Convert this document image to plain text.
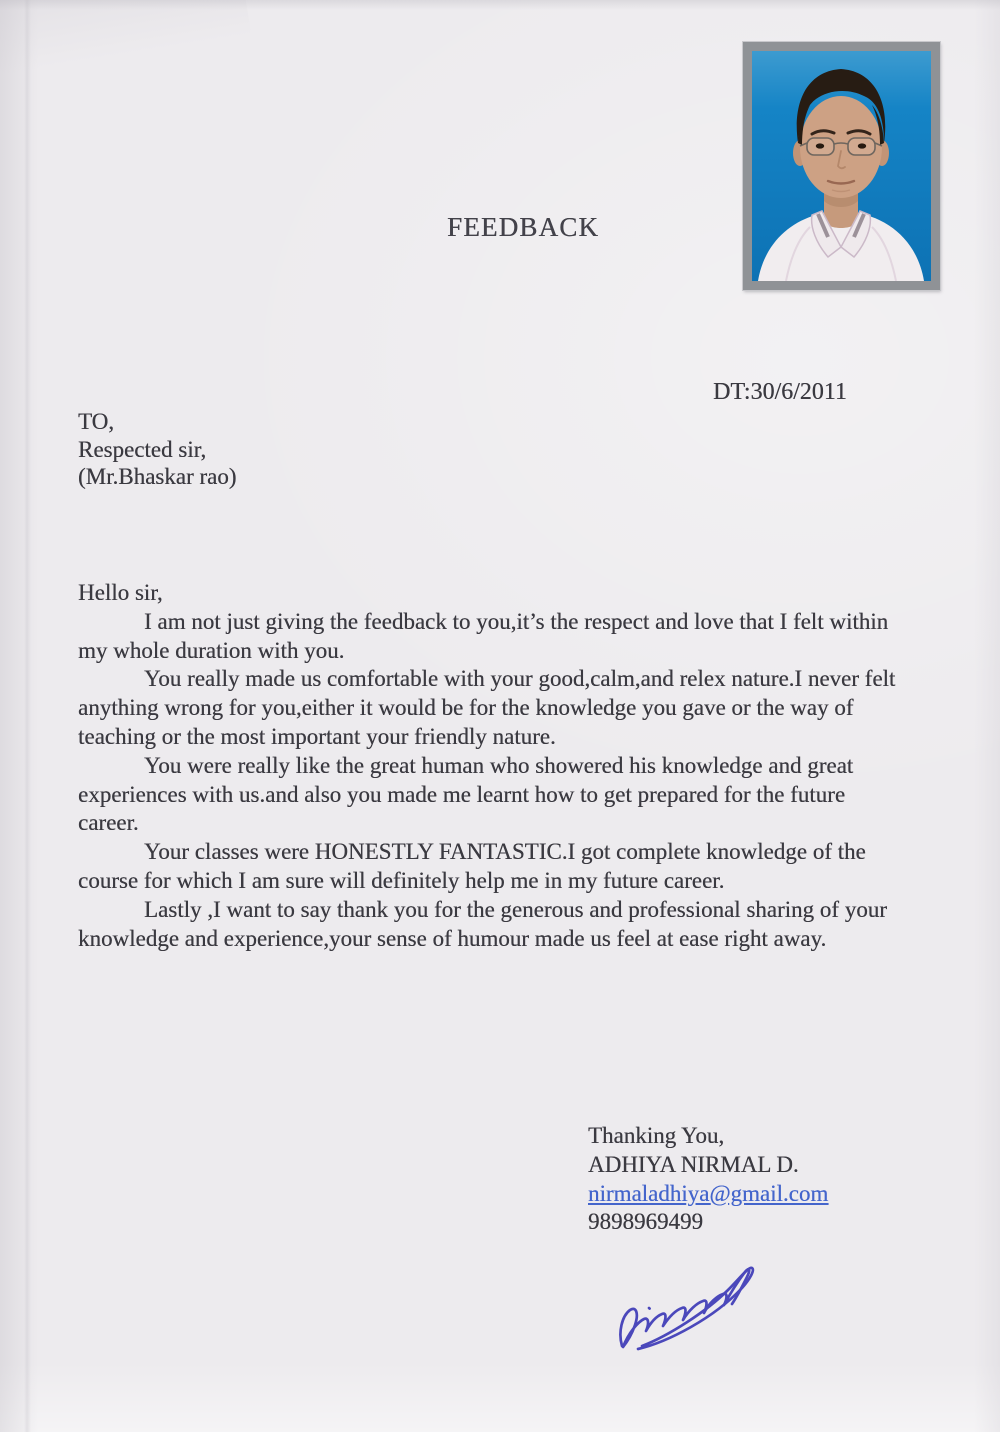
FEEDBACK
DT:30/6/2011
TO,
Respected sir,
(Mr.Bhaskar rao)
Hello sir,
I am not just giving the feedback to you,it’s the respect and love that I felt within
my whole duration with you.
You really made us comfortable with your good,calm,and relex nature.I never felt
anything wrong for you,either it would be for the knowledge you gave or the way of
teaching or the most important your friendly nature.
You were really like the great human who showered his knowledge and great
experiences with us.and also you made me learnt how to get prepared for the future
career.
Your classes were HONESTLY FANTASTIC.I got complete knowledge of the
course for which I am sure will definitely help me in my future career.
Lastly ,I want to say thank you for the generous and professional sharing of your
knowledge and experience,your sense of humour made us feel at ease right away.
Thanking You,
ADHIYA NIRMAL D.
nirmaladhiya@gmail.com
9898969499
